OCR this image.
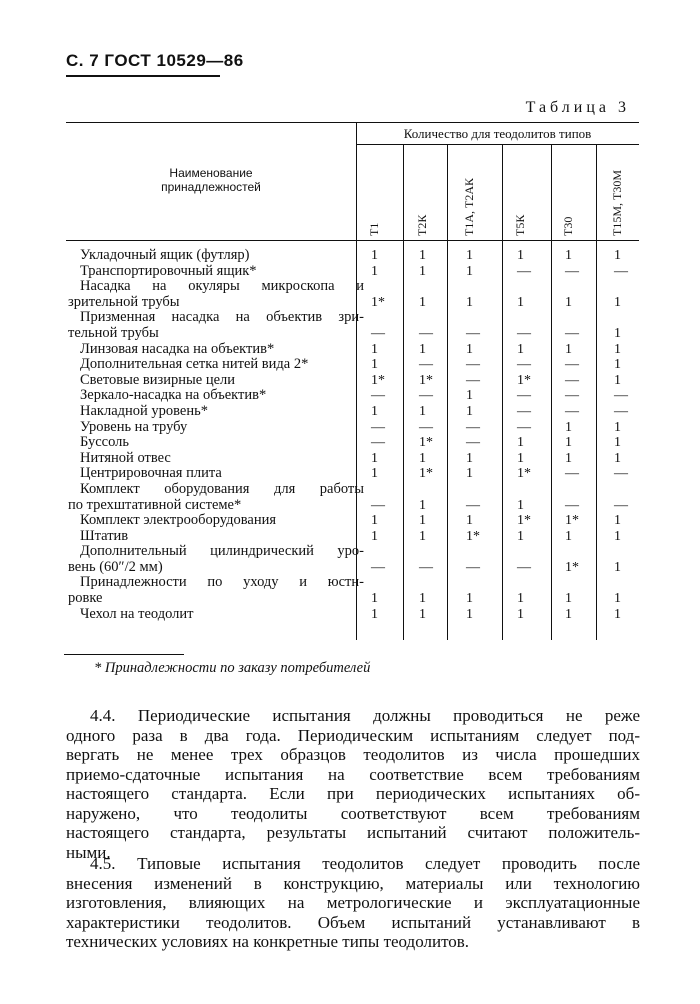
С. 7 ГОСТ 10529—86
Таблица 3
Количество для теодолитов типов
Наименование
принадлежностей
Т1	Т2К	Т1А, Т2АК	Т5К	Т30	Т15М, Т30М
Укладочный ящик (футляр)	1	1	1	1	1	1
Транспортировочный ящик*	1	1	1	—	—	—
Насадка на окуляры микроскопа и
зрительной трубы	1*	1	1	1	1	1
Призменная насадка на объектив зри-
тельной трубы	—	—	—	—	—	1
Линзовая насадка на объектив*	1	1	1	1	1	1
Дополнительная сетка нитей вида 2*	1	—	—	—	—	1
Световые визирные цели	1*	1*	—	1*	—	1
Зеркало-насадка на объектив*	—	—	1	—	—	—
Накладной уровень*	1	1	1	—	—	—
Уровень на трубу	—	—	—	—	1	1
Буссоль	—	1*	—	1	1	1
Нитяной отвес	1	1	1	1	1	1
Центрировочная плита	1	1*	1	1*	—	—
Комплект оборудования для работы
по трехштативной системе*	—	1	—	1	—	—
Комплект электрооборудования	1	1	1	1*	1*	1
Штатив	1	1	1*	1	1	1
Дополнительный цилиндрический уро-
вень (60″/2 мм)	—	—	—	—	1*	1
Принадлежности по уходу и юстн-
ровке	1	1	1	1	1	1
Чехол на теодолит	1	1	1	1	1	1
* Принадлежности по заказу потребителей
4.4. Периодические испытания должны проводиться не реже
одного раза в два года. Периодическим испытаниям следует под-
вергать не менее трех образцов теодолитов из числа прошедших
приемо-сдаточные испытания на соответствие всем требованиям
настоящего стандарта. Если при периодических испытаниях об-
наружено, что теодолиты соответствуют всем требованиям
настоящего стандарта, результаты испытаний считают положитель-
ными.
4.5. Типовые испытания теодолитов следует проводить после
внесения изменений в конструкцию, материалы или технологию
изготовления, влияющих на метрологические и эксплуатационные
характеристики теодолитов. Объем испытаний устанавливают в
технических условиях на конкретные типы теодолитов.
